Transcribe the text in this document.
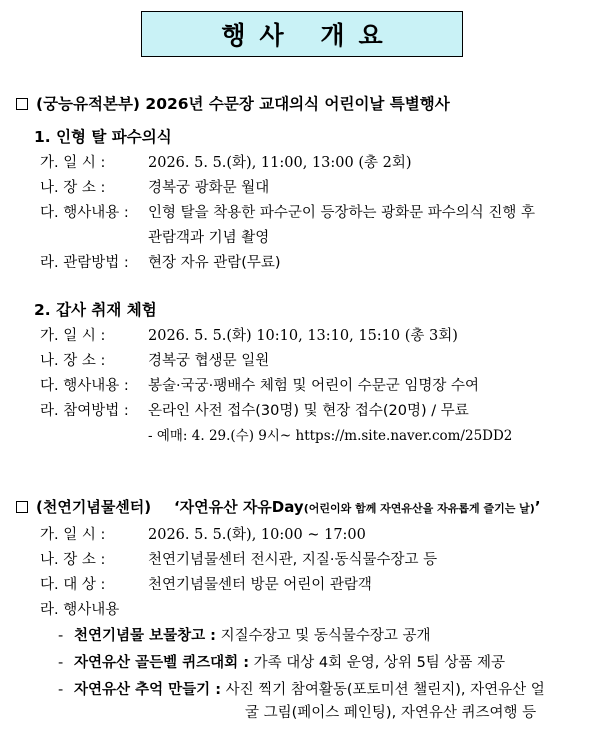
행사 개요
(궁능유적본부) 2026년 수문장 교대의식 어린이날 특별행사
1. 인형 탈 파수의식
가. 일 시 :	2026. 5. 5.(화), 11:00, 13:00 (총 2회)
나. 장 소 :	경복궁 광화문 월대
다. 행사내용 : 인형 탈을 착용한 파수군이 등장하는 광화문 파수의식 진행 후
관람객과 기념 촬영
라. 관람방법 : 현장 자유 관람(무료)
2. 갑사 취재 체험
가. 일 시 :	2026. 5. 5.(화) 10:10, 13:10, 15:10 (총 3회)
나. 장 소 :	경복궁 협생문 일원
다. 행사내용 : 봉술·국궁·팽배수 체험 및 어린이 수문군 임명장 수여
라. 참여방법 : 온라인 사전 접수(30명) 및 현장 접수(20명) / 무료
- 예매: 4. 29.(수) 9시~ https://m.site.naver.com/25DD2
(천연기념물센터) ‘자연유산 자유Day(어린이와 함께 자연유산을 자유롭게 즐기는 날)’
가. 일 시 :	2026. 5. 5.(화), 10:00 ~ 17:00
나. 장 소 :	천연기념물센터 전시관, 지질·동식물수장고 등
다. 대 상 :	천연기념물센터 방문 어린이 관람객
라. 행사내용
- 천연기념물 보물창고 : 지질수장고 및 동식물수장고 공개
- 자연유산 골든벨 퀴즈대회 : 가족 대상 4회 운영, 상위 5팀 상품 제공
- 자연유산 추억 만들기 : 사진 찍기 참여활동(포토미션 챌린지), 자연유산 얼
굴 그림(페이스 페인팅), 자연유산 퀴즈여행 등
